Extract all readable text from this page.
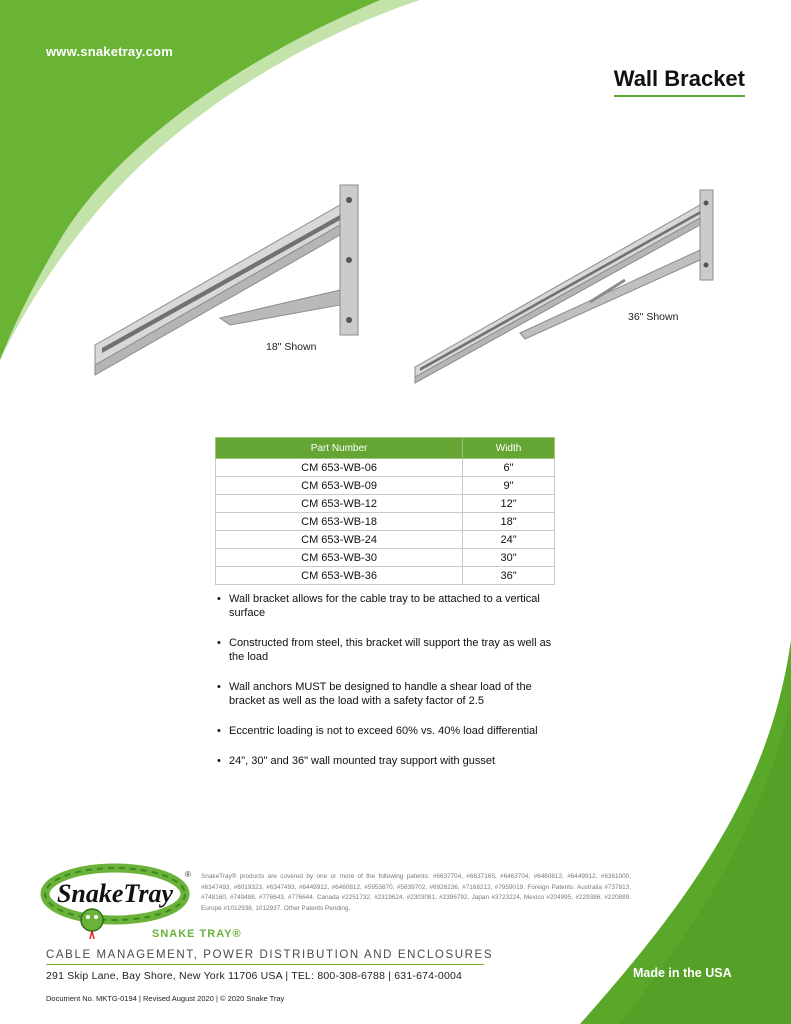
www.snaketray.com
Wall Bracket
18" Shown
36" Shown
Part Number	Width
CM 653-WB-06	6"
CM 653-WB-09	9"
CM 653-WB-12	12"
CM 653-WB-18	18"
CM 653-WB-24	24"
CM 653-WB-30	30"
CM 653-WB-36	36"
• Wall bracket allows for the cable tray to be attached to a vertical surface
• Constructed from steel, this bracket will support the tray as well as the load
• Wall anchors MUST be designed to handle a shear load of the bracket as well as the load with a safety factor of 2.5
• Eccentric loading is not to exceed 60% vs. 40% load differential
• 24", 30" and 36" wall mounted tray support with gusset
SnakeTray
®
SNAKE TRAY®
SnakeTray® products are covered by one or more of the following patents: #6637704, #6637165, #6463704, #6460812, #6449912, #6361000, #6347493, #6019323, #6347493, #6449912, #6460812, #5953870, #5839702, #6926236, #7168212, #7959019. Foreign Patents: Australia #737813, #748160, #749488, #776643, #776644. Canada #2251732, #2319624, #2303081, #2396792, Japan #3723224. Mexico #204995, #229386, #220889. Europe #1012938, 1012937. Other Patents Pending.
CABLE MANAGEMENT, POWER DISTRIBUTION AND ENCLOSURES
291 Skip Lane, Bay Shore, New York 11706 USA | TEL: 800-308-6788 | 631-674-0004
Document No. MKTG-0194 | Revised August 2020 | © 2020 Snake Tray
Made in the USA
